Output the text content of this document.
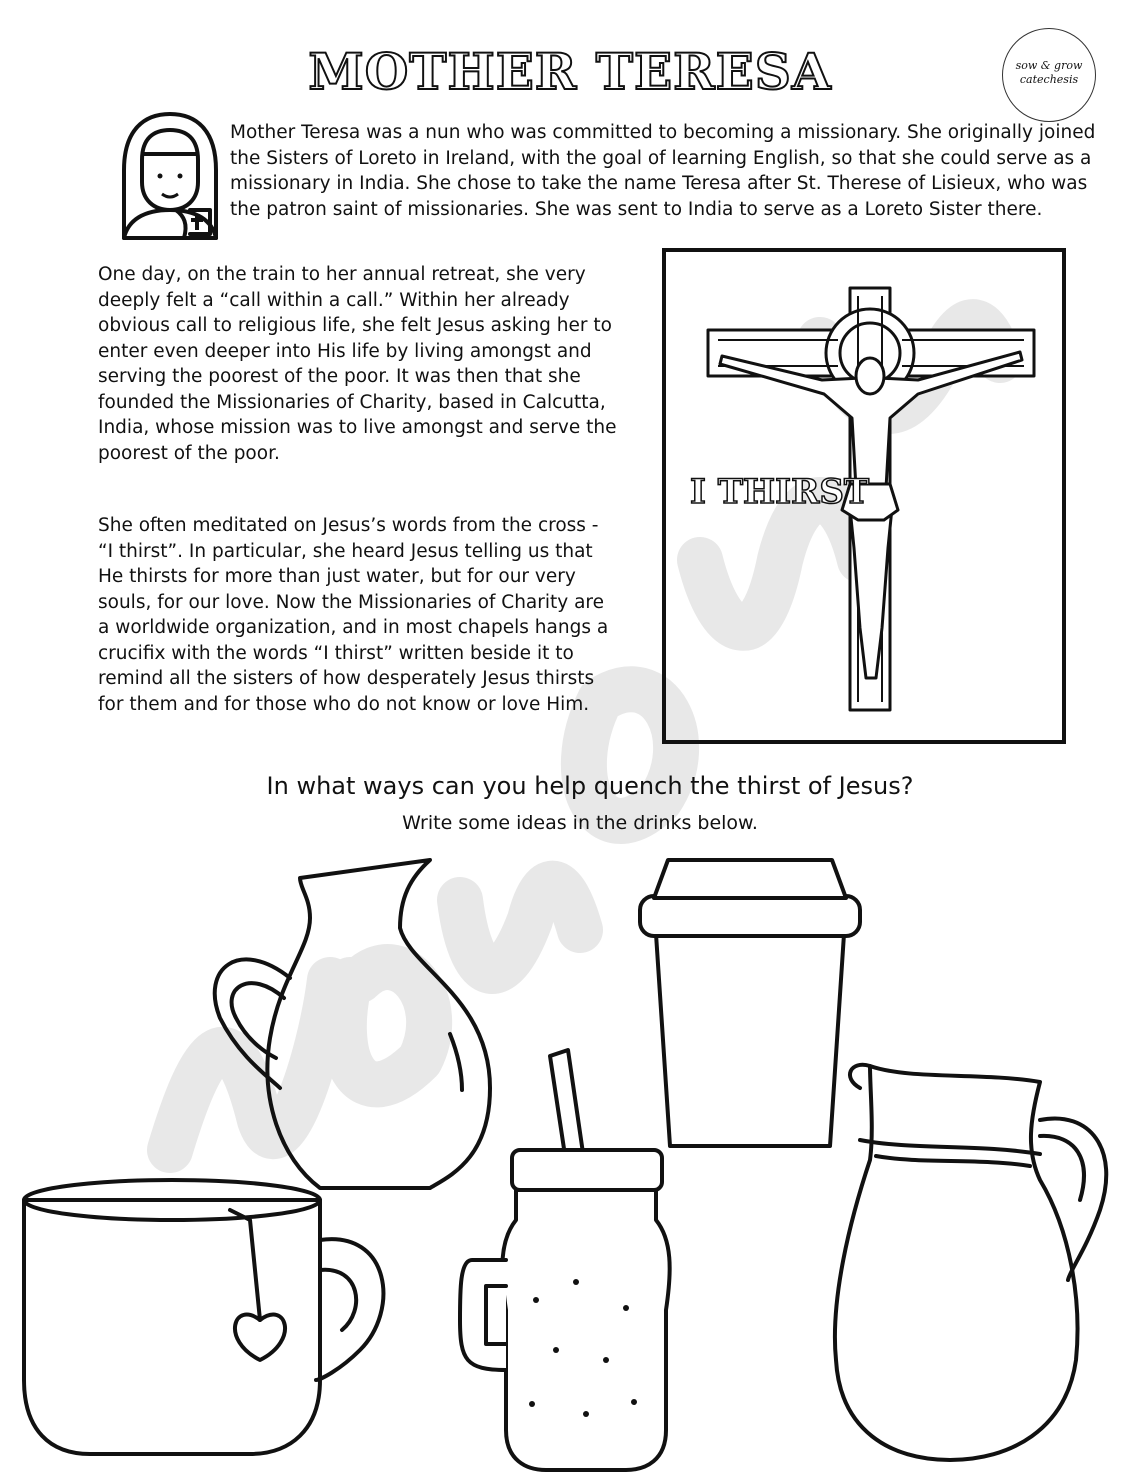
MOTHER TERESA	sow & grow
catechesis
Mother Teresa was a nun who was committed to becoming a missionary. She originally joined the Sisters of Loreto in Ireland, with the goal of learning English, so that she could serve as a missionary in India. She chose to take the name Teresa after St. Therese of Lisieux, who was the patron saint of missionaries. She was sent to India to serve as a Loreto Sister there.
One day, on the train to her annual retreat, she very deeply felt a “call within a call.” Within her already obvious call to religious life, she felt Jesus asking her to enter even deeper into His life by living amongst and serving the poorest of the poor. It was then that she founded the Missionaries of Charity, based in Calcutta, India, whose mission was to live amongst and serve the poorest of the poor.
She often meditated on Jesus’s words from the cross - “I thirst”. In particular, she heard Jesus telling us that He thirsts for more than just water, but for our very souls, for our love. Now the Missionaries of Charity are a worldwide organization, and in most chapels hangs a crucifix with the words “I thirst” written beside it to remind all the sisters of how desperately Jesus thirsts for them and for those who do not know or love Him.
I THIRST
In what ways can you help quench the thirst of Jesus?
Write some ideas in the drinks below.
